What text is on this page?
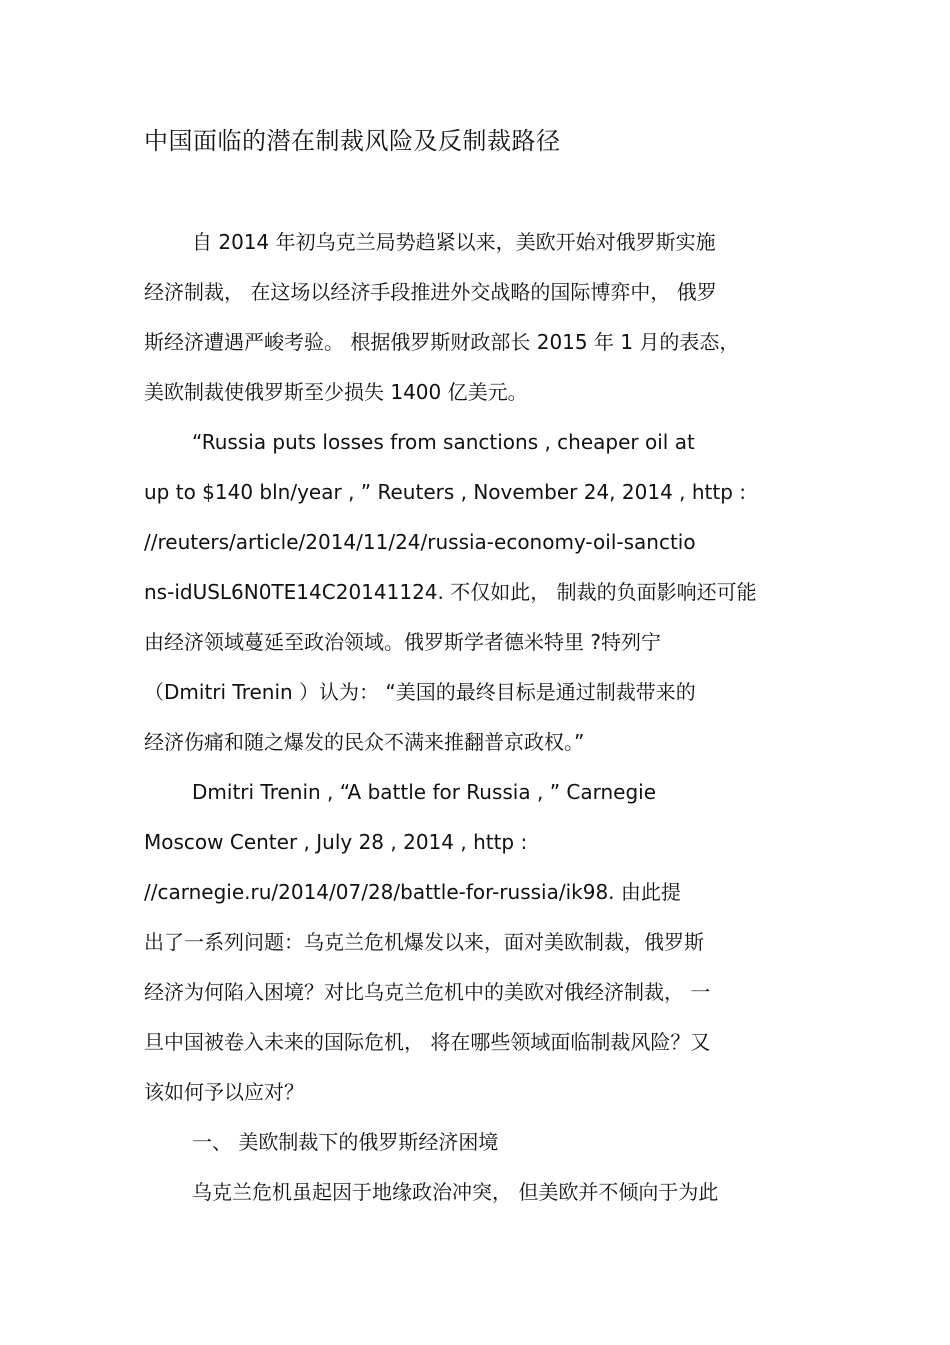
中国面临的潜在制裁风险及反制裁路径
自 2014 年初乌克兰局势趋紧以来，美欧开始对俄罗斯实施
经济制裁， 在这场以经济手段推进外交战略的国际博弈中， 俄罗
斯经济遭遇严峻考验。 根据俄罗斯财政部长 2015 年 1 月的表态，
美欧制裁使俄罗斯至少损失 1400 亿美元。
“Russia puts losses from sanctions , cheaper oil at
up to $140 bln/year , ” Reuters , November 24, 2014 , http :
//reuters/article/2014/11/24/russia-economy-oil-sanctio
ns-idUSL6N0TE14C20141124. 不仅如此， 制裁的负面影响还可能
由经济领域蔓延至政治领域。俄罗斯学者德米特里 ?特列宁
（Dmitri Trenin ）认为： “美国的最终目标是通过制裁带来的
经济伤痛和随之爆发的民众不满来推翻普京政权。”
Dmitri Trenin , “A battle for Russia , ” Carnegie
Moscow Center , July 28 , 2014 , http :
//carnegie.ru/2014/07/28/battle-for-russia/ik98. 由此提
出了一系列问题：乌克兰危机爆发以来，面对美欧制裁，俄罗斯
经济为何陷入困境？对比乌克兰危机中的美欧对俄经济制裁， 一
旦中国被卷入未来的国际危机， 将在哪些领域面临制裁风险？又
该如何予以应对？
一、 美欧制裁下的俄罗斯经济困境
乌克兰危机虽起因于地缘政治冲突， 但美欧并不倾向于为此
